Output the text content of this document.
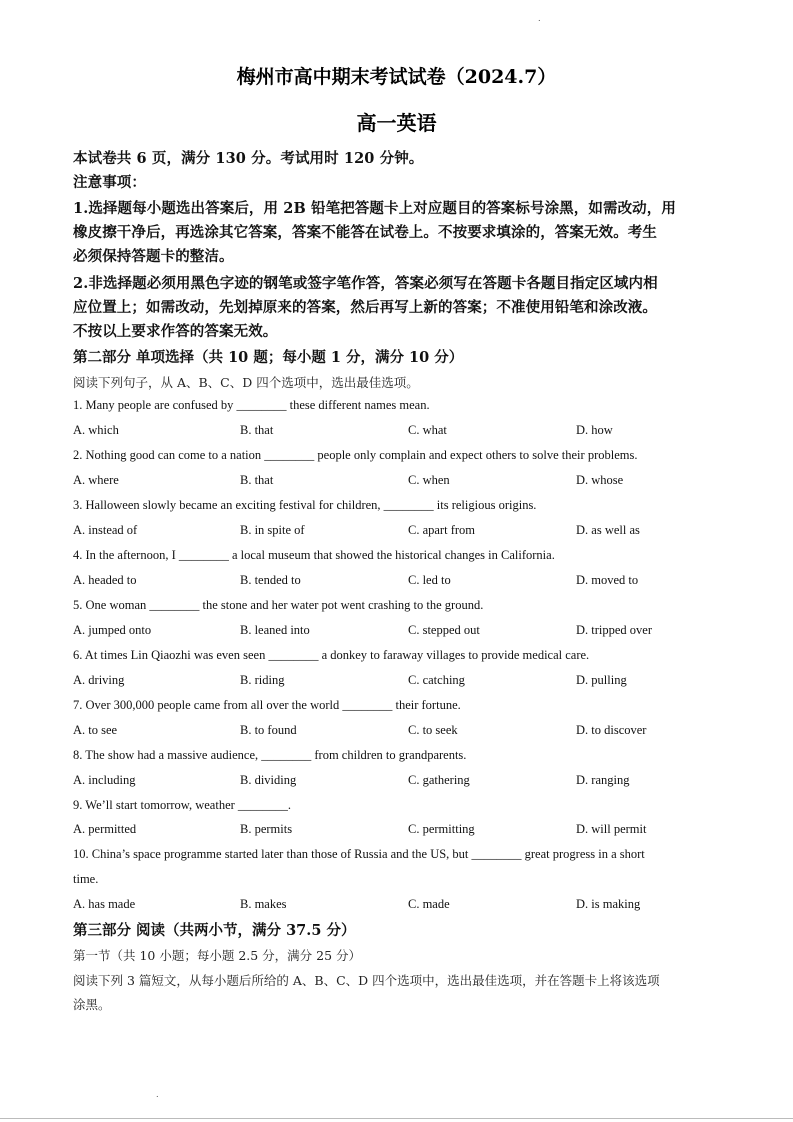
.
梅州市高中期末考试试卷（2024.7）
高一英语
本试卷共 6 页，满分 130 分。考试用时 120 分钟。
注意事项：
1.选择题每小题选出答案后，用 2B 铅笔把答题卡上对应题目的答案标号涂黑，如需改动，用
橡皮擦干净后，再选涂其它答案，答案不能答在试卷上。不按要求填涂的，答案无效。考生
必须保持答题卡的整洁。
2.非选择题必须用黑色字迹的钢笔或签字笔作答，答案必须写在答题卡各题目指定区域内相
应位置上；如需改动，先划掉原来的答案，然后再写上新的答案；不准使用铅笔和涂改液。
不按以上要求作答的答案无效。
第二部分 单项选择（共 10 题；每小题 1 分，满分 10 分）
阅读下列句子，从 A、B、C、D 四个选项中，选出最佳选项。
1. Many people are confused by ________ these different names mean.
A. which	B. that	C. what	D. how
2. Nothing good can come to a nation ________ people only complain and expect others to solve their problems.
A. where	B. that	C. when	D. whose
3. Halloween slowly became an exciting festival for children, ________ its religious origins.
A. instead of	B. in spite of	C. apart from	D. as well as
4. In the afternoon, I ________ a local museum that showed the historical changes in California.
A. headed to	B. tended to	C. led to	D. moved to
5. One woman ________ the stone and her water pot went crashing to the ground.
A. jumped onto	B. leaned into	C. stepped out	D. tripped over
6. At times Lin Qiaozhi was even seen ________ a donkey to faraway villages to provide medical care.
A. driving	B. riding	C. catching	D. pulling
7. Over 300,000 people came from all over the world ________ their fortune.
A. to see	B. to found	C. to seek	D. to discover
8. The show had a massive audience, ________ from children to grandparents.
A. including	B. dividing	C. gathering	D. ranging
9. We’ll start tomorrow, weather ________.
A. permitted	B. permits	C. permitting	D. will permit
10. China’s space programme started later than those of Russia and the US, but ________ great progress in a short
time.
A. has made	B. makes	C. made	D. is making
第三部分 阅读（共两小节，满分 37.5 分）
第一节（共 10 小题；每小题 2.5 分，满分 25 分）
阅读下列 3 篇短文，从每小题后所给的 A、B、C、D 四个选项中，选出最佳选项，并在答题卡上将该选项
涂黑。
.
